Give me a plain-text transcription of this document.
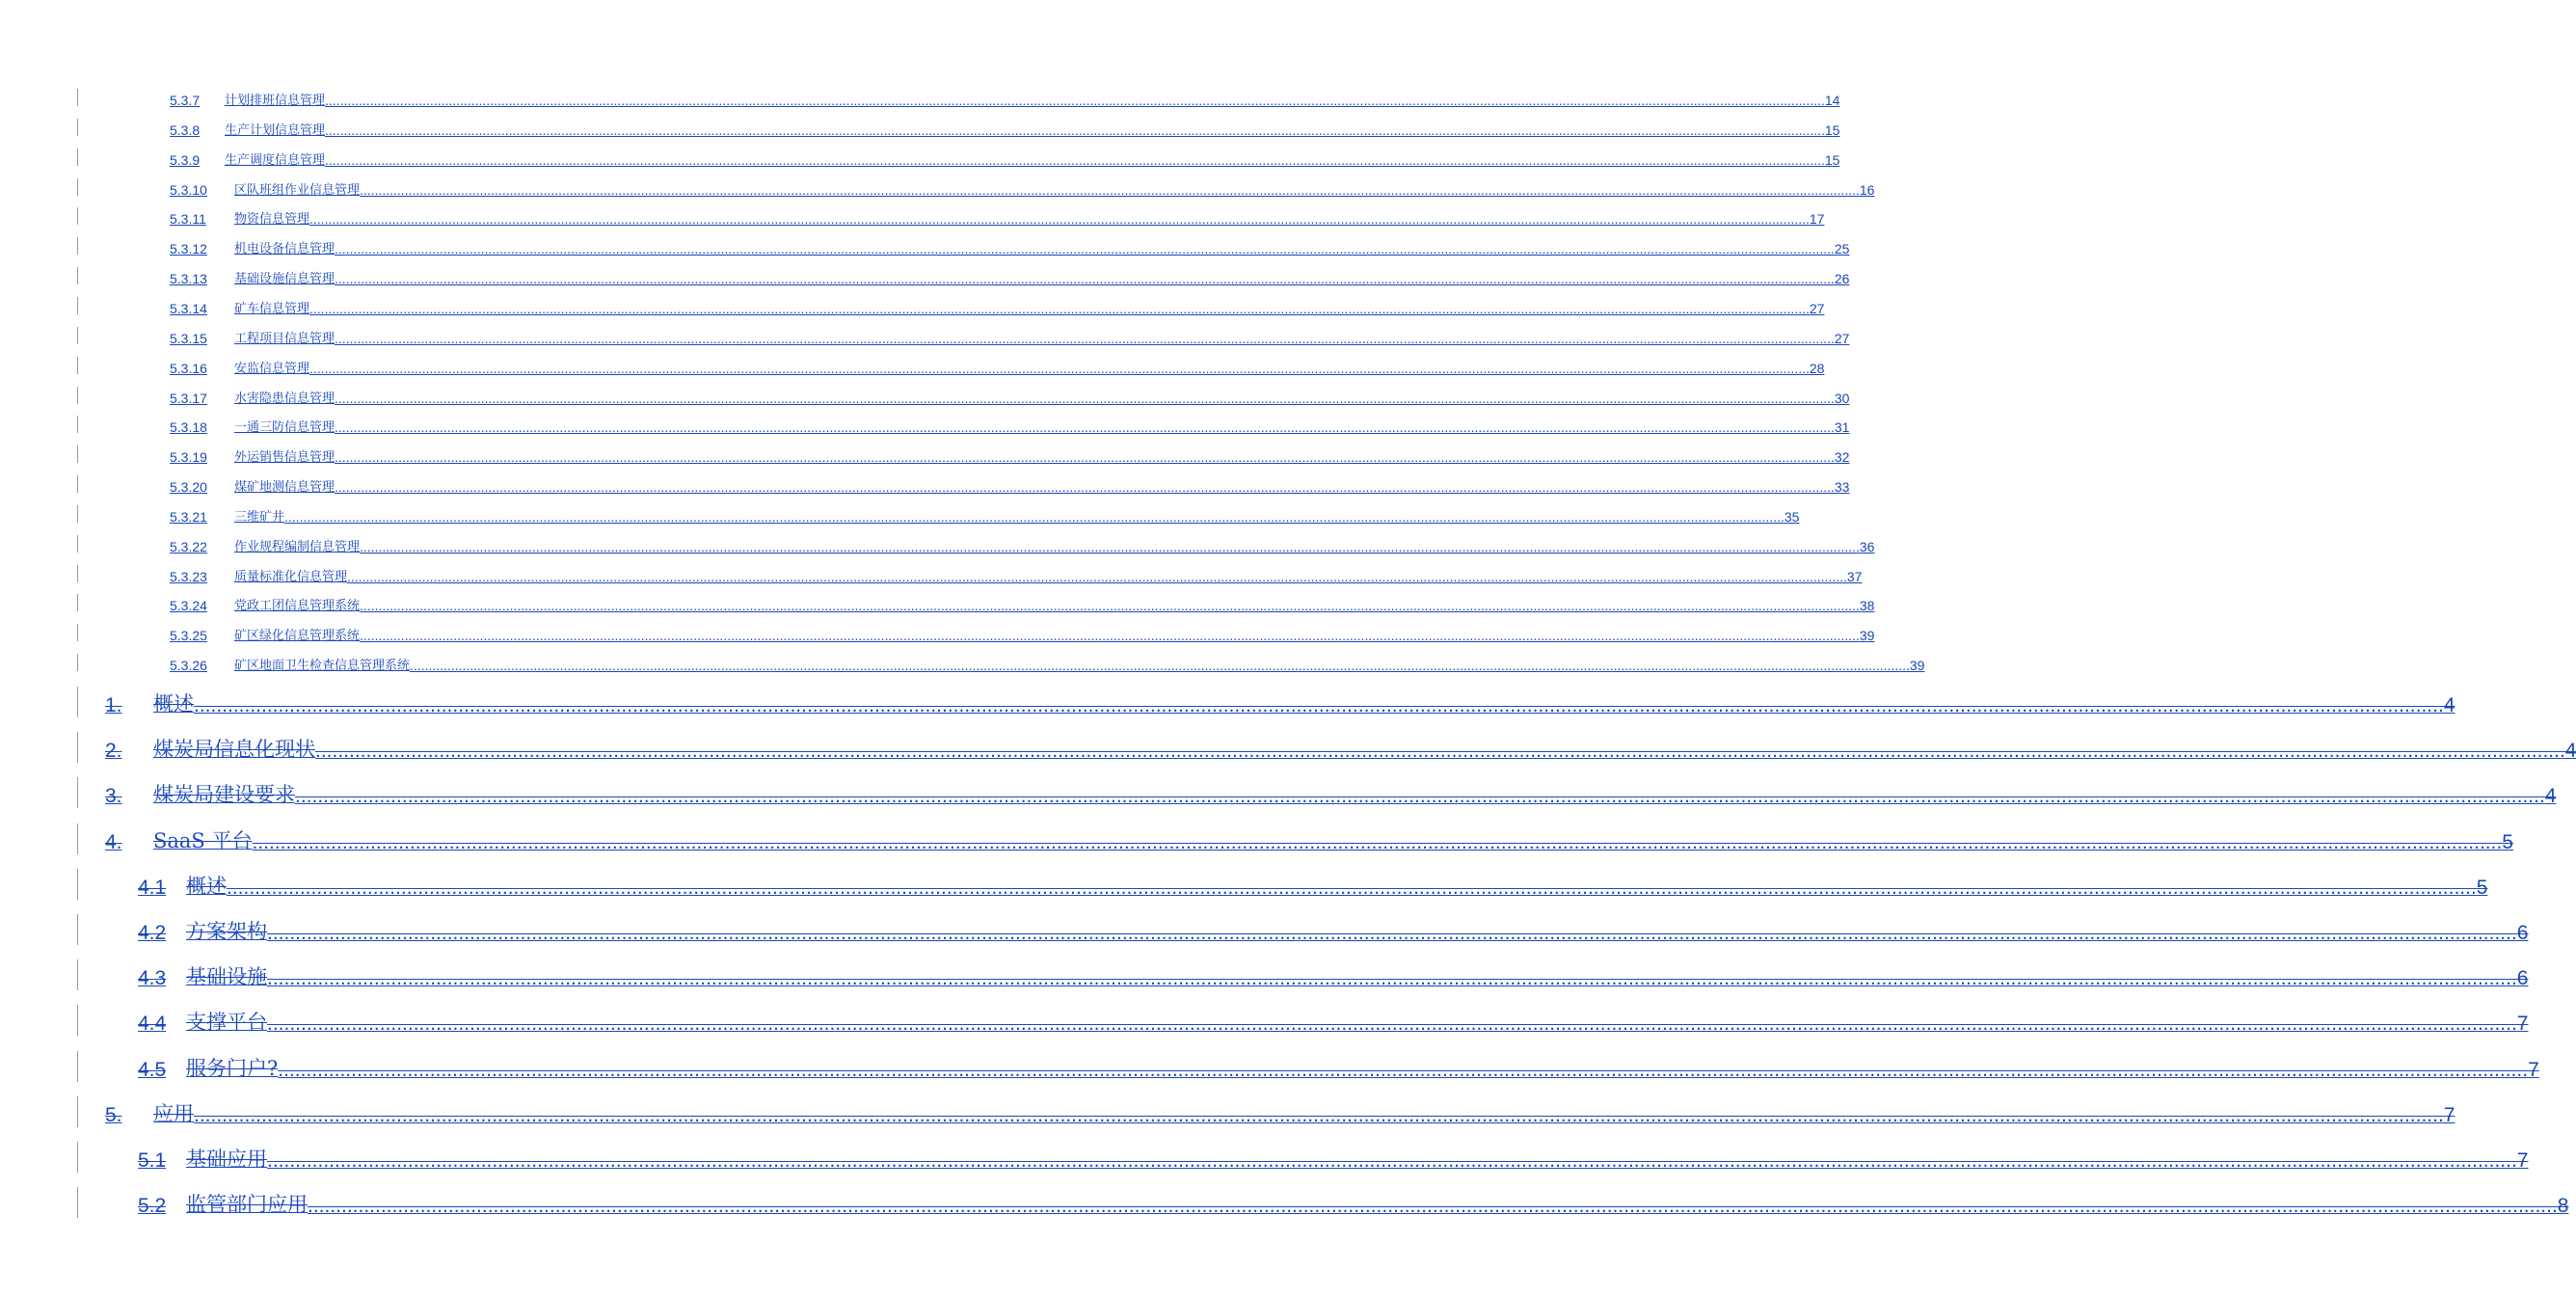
5.3.7	计划排班信息管理 ................................................................................................................................................................................................................................................................................................................................................................................................................ 14
5.3.8	生产计划信息管理 ................................................................................................................................................................................................................................................................................................................................................................................................................ 15
5.3.9	生产调度信息管理 ................................................................................................................................................................................................................................................................................................................................................................................................................ 15
5.3.10	区队班组作业信息管理 ................................................................................................................................................................................................................................................................................................................................................................................................................ 16
5.3.11	物资信息管理 ................................................................................................................................................................................................................................................................................................................................................................................................................ 17
5.3.12	机电设备信息管理 ................................................................................................................................................................................................................................................................................................................................................................................................................ 25
5.3.13	基础设施信息管理 ................................................................................................................................................................................................................................................................................................................................................................................................................ 26
5.3.14	矿车信息管理 ................................................................................................................................................................................................................................................................................................................................................................................................................ 27
5.3.15	工程项目信息管理 ................................................................................................................................................................................................................................................................................................................................................................................................................ 27
5.3.16	安监信息管理 ................................................................................................................................................................................................................................................................................................................................................................................................................ 28
5.3.17	水害隐患信息管理 ................................................................................................................................................................................................................................................................................................................................................................................................................ 30
5.3.18	一通三防信息管理 ................................................................................................................................................................................................................................................................................................................................................................................................................ 31
5.3.19	外运销售信息管理 ................................................................................................................................................................................................................................................................................................................................................................................................................ 32
5.3.20	煤矿地测信息管理 ................................................................................................................................................................................................................................................................................................................................................................................................................ 33
5.3.21	三维矿井 ................................................................................................................................................................................................................................................................................................................................................................................................................ 35
5.3.22	作业规程编制信息管理 ................................................................................................................................................................................................................................................................................................................................................................................................................ 36
5.3.23	质量标准化信息管理 ................................................................................................................................................................................................................................................................................................................................................................................................................ 37
5.3.24	党政工团信息管理系统 ................................................................................................................................................................................................................................................................................................................................................................................................................ 38
5.3.25	矿区绿化信息管理系统 ................................................................................................................................................................................................................................................................................................................................................................................................................ 39
5.3.26	矿区地面卫生检查信息管理系统 ................................................................................................................................................................................................................................................................................................................................................................................................................ 39
1.	概述 ................................................................................................................................................................................................................................................................................................................................................................................................................ 4
2.	煤炭局信息化现状 ................................................................................................................................................................................................................................................................................................................................................................................................................ 4
3.	煤炭局建设要求 ................................................................................................................................................................................................................................................................................................................................................................................................................ 4
4.	SaaS 平台 ................................................................................................................................................................................................................................................................................................................................................................................................................ 5
4.1 概述 ................................................................................................................................................................................................................................................................................................................................................................................................................ 5
4.2 方案架构 ................................................................................................................................................................................................................................................................................................................................................................................................................ 6
4.3 基础设施 ................................................................................................................................................................................................................................................................................................................................................................................................................ 6
4.4 支撑平台 ................................................................................................................................................................................................................................................................................................................................................................................................................ 7
4.5 服务门户? ................................................................................................................................................................................................................................................................................................................................................................................................................ 7
5.	应用 ................................................................................................................................................................................................................................................................................................................................................................................................................ 7
5.1 基础应用 ................................................................................................................................................................................................................................................................................................................................................................................................................ 7
5.2 监管部门应用 ................................................................................................................................................................................................................................................................................................................................................................................................................ 8
